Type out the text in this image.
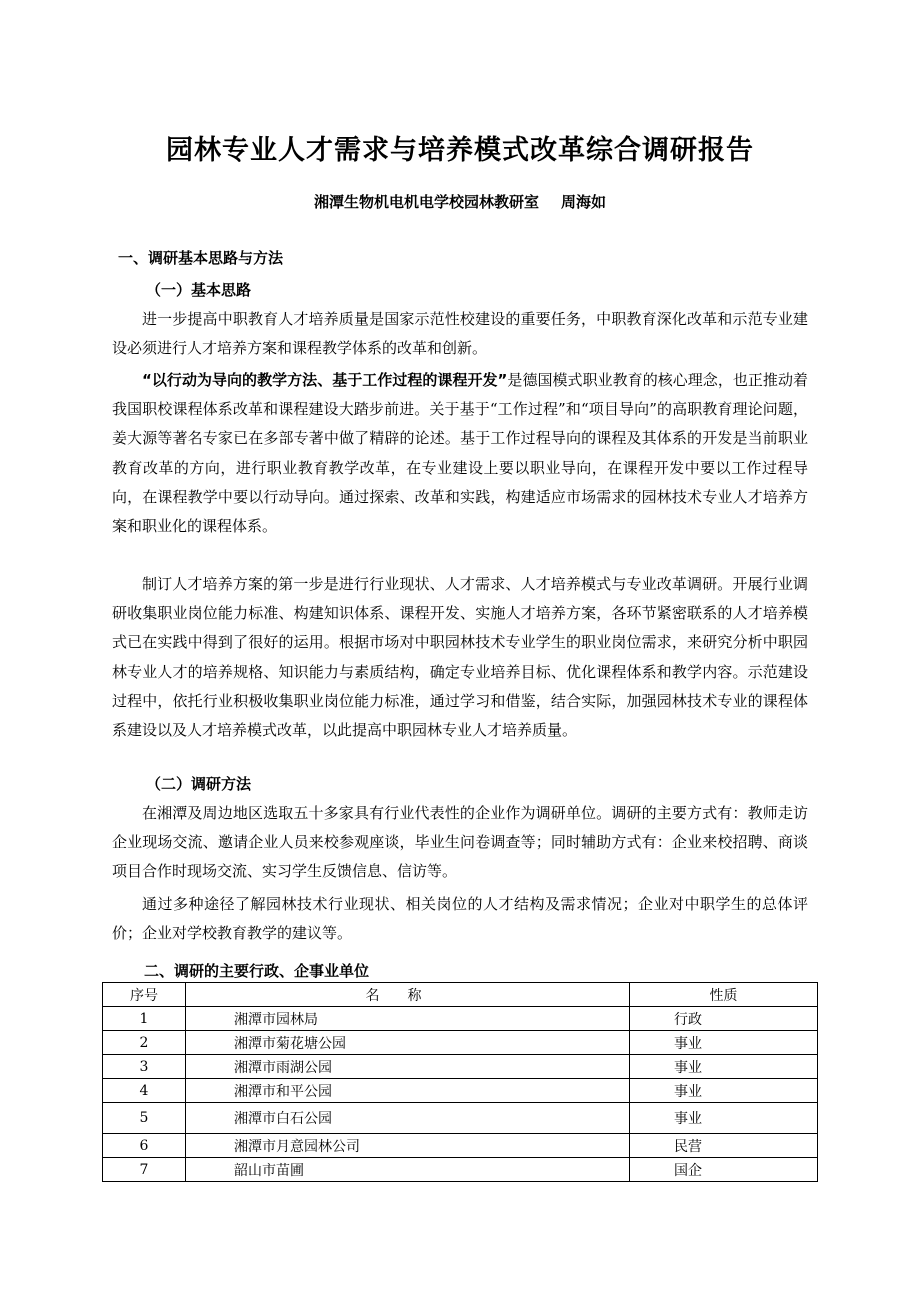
园林专业人才需求与培养模式改革综合调研报告
湘潭生物机电机电学校园林教研室 周海如
一、调研基本思路与方法
（一）基本思路
进一步提高中职教育人才培养质量是国家示范性校建设的重要任务，中职教育深化改革和示范专业建设必须进行人才培养方案和课程教学体系的改革和创新。
“以行动为导向的教学方法、基于工作过程的课程开发”是德国模式职业教育的核心理念，也正推动着我国职校课程体系改革和课程建设大踏步前进。关于基于“工作过程”和“项目导向”的高职教育理论问题，姜大源等著名专家已在多部专著中做了精辟的论述。基于工作过程导向的课程及其体系的开发是当前职业教育改革的方向，进行职业教育教学改革，在专业建设上要以职业导向，在课程开发中要以工作过程导向，在课程教学中要以行动导向。通过探索、改革和实践，构建适应市场需求的园林技术专业人才培养方案和职业化的课程体系。
制订人才培养方案的第一步是进行行业现状、人才需求、人才培养模式与专业改革调研。开展行业调研收集职业岗位能力标准、构建知识体系、课程开发、实施人才培养方案，各环节紧密联系的人才培养模式已在实践中得到了很好的运用。根据市场对中职园林技术专业学生的职业岗位需求，来研究分析中职园林专业人才的培养规格、知识能力与素质结构，确定专业培养目标、优化课程体系和教学内容。示范建设过程中，依托行业积极收集职业岗位能力标准，通过学习和借鉴，结合实际，加强园林技术专业的课程体系建设以及人才培养模式改革，以此提高中职园林专业人才培养质量。
（二）调研方法
在湘潭及周边地区选取五十多家具有行业代表性的企业作为调研单位。调研的主要方式有：教师走访企业现场交流、邀请企业人员来校参观座谈，毕业生问卷调查等；同时辅助方式有：企业来校招聘、商谈项目合作时现场交流、实习学生反馈信息、信访等。
通过多种途径了解园林技术行业现状、相关岗位的人才结构及需求情况；企业对中职学生的总体评价；企业对学校教育教学的建议等。
二、调研的主要行政、企事业单位
序号	名称	性质
1	湘潭市园林局	行政
2	湘潭市菊花塘公园	事业
3	湘潭市雨湖公园	事业
4	湘潭市和平公园	事业
5	湘潭市白石公园	事业
6	湘潭市月意园林公司	民营
7	韶山市苗圃	国企
